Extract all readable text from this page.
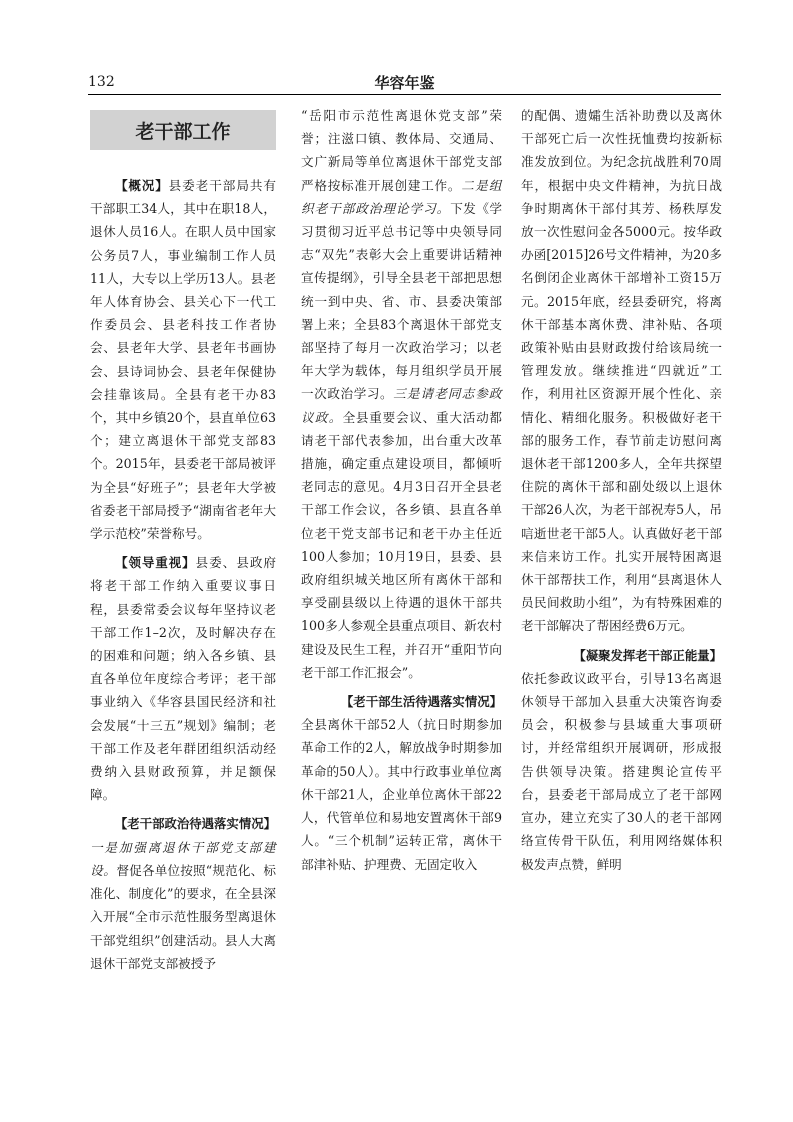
132	华容年鉴
老干部工作

【概况】县委老干部局共有干部职工34人，其中在职18人，退休人员16人。在职人员中国家公务员7人，事业编制工作人员11人，大专以上学历13人。县老年人体育协会、县关心下一代工作委员会、县老科技工作者协会、县老年大学、县老年书画协会、县诗词协会、县老年保健协会挂靠该局。全县有老干办83个，其中乡镇20个，县直单位63个；建立离退休干部党支部83个。2015年，县委老干部局被评为全县“好班子”；县老年大学被省委老干部局授予“湖南省老年大学示范校”荣誉称号。

【领导重视】县委、县政府将老干部工作纳入重要议事日程，县委常委会议每年坚持议老干部工作1–2次，及时解决存在的困难和问题；纳入各乡镇、县直各单位年度综合考评；老干部事业纳入《华容县国民经济和社会发展“十三五”规划》编制；老干部工作及老年群团组织活动经费纳入县财政预算，并足额保障。

【老干部政治待遇落实情况】

一是加强离退休干部党支部建设。督促各单位按照“规范化、标准化、制度化”的要求，在全县深入开展“全市示范性服务型离退休干部党组织”创建活动。县人大离退休干部党支部被授予

“岳阳市示范性离退休党支部”荣誉；注滋口镇、教体局、交通局、文广新局等单位离退休干部党支部严格按标准开展创建工作。二是组织老干部政治理论学习。下发《学习贯彻习近平总书记等中央领导同志“双先”表彰大会上重要讲话精神宣传提纲》，引导全县老干部把思想统一到中央、省、市、县委决策部署上来；全县83个离退休干部党支部坚持了每月一次政治学习；以老年大学为载体，每月组织学员开展一次政治学习。三是请老同志参政议政。全县重要会议、重大活动都请老干部代表参加，出台重大改革措施，确定重点建设项目，都倾听老同志的意见。4月3日召开全县老干部工作会议，各乡镇、县直各单位老干党支部书记和老干办主任近100人参加；10月19日，县委、县政府组织城关地区所有离休干部和享受副县级以上待遇的退休干部共100多人参观全县重点项目、新农村建设及民生工程，并召开“重阳节向老干部工作汇报会”。

【老干部生活待遇落实情况】

全县离休干部52人（抗日时期参加革命工作的2人，解放战争时期参加革命的50人）。其中行政事业单位离休干部21人，企业单位离休干部22人，代管单位和易地安置离休干部9人。“三个机制”运转正常，离休干部津补贴、护理费、无固定收入

的配偶、遗孀生活补助费以及离休干部死亡后一次性抚恤费均按新标准发放到位。为纪念抗战胜利70周年，根据中央文件精神，为抗日战争时期离休干部付其芳、杨秩厚发放一次性慰问金各5000元。按华政办函[2015]26号文件精神，为20多名倒闭企业离休干部增补工资15万元。2015年底，经县委研究，将离休干部基本离休费、津补贴、各项政策补贴由县财政拨付给该局统一管理发放。继续推进“四就近”工作，利用社区资源开展个性化、亲情化、精细化服务。积极做好老干部的服务工作，春节前走访慰问离退休老干部1200多人，全年共探望住院的离休干部和副处级以上退休干部26人次，为老干部祝寿5人，吊唁逝世老干部5人。认真做好老干部来信来访工作。扎实开展特困离退休干部帮扶工作，利用“县离退休人员民间救助小组”，为有特殊困难的老干部解决了帮困经费6万元。

【凝聚发挥老干部正能量】

依托参政议政平台，引导13名离退休领导干部加入县重大决策咨询委员会，积极参与县域重大事项研讨，并经常组织开展调研，形成报告供领导决策。搭建舆论宣传平台，县委老干部局成立了老干部网宣办，建立充实了30人的老干部网络宣传骨干队伍，利用网络媒体积极发声点赞，鲜明
